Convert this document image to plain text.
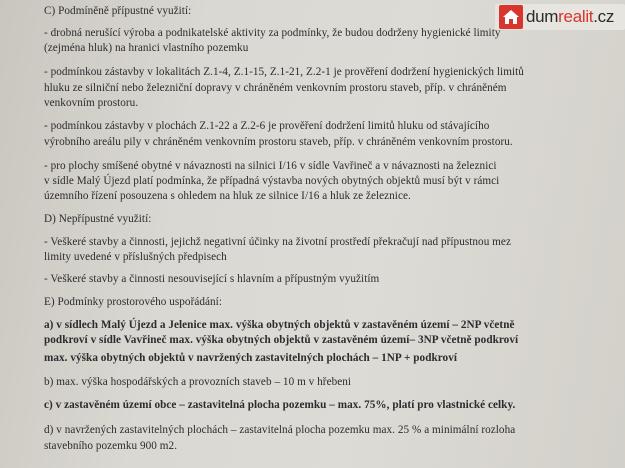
dumrealit.cz
C) Podmíněně přípustné využití:
- drobná nerušící výroba a podnikatelské aktivity za podmínky, že budou dodrženy hygienické limity
(zejména hluk) na hranici vlastního pozemku
- podmínkou zástavby v lokalitách Z.1-4, Z.1-15, Z.1-21, Z.2-1 je prověření dodržení hygienických limitů
hluku ze silniční nebo železniční dopravy v chráněném venkovním prostoru staveb, příp. v chráněném
venkovním prostoru.
- podmínkou zástavby v plochách Z.1-22 a Z.2-6 je prověření dodržení limitů hluku od stávajícího
výrobního areálu pily v chráněném venkovním prostoru staveb, příp. v chráněném venkovním prostoru.
- pro plochy smíšené obytné v návaznosti na silnici I/16 v sídle Vavřineč a v návaznosti na železnici
v sídle Malý Újezd platí podmínka, že případná výstavba nových obytných objektů musí být v rámci
územního řízení posouzena s ohledem na hluk ze silnice I/16 a hluk ze železnice.
D) Nepřípustné využití:
- Veškeré stavby a činnosti, jejichž negativní účinky na životní prostředí překračují nad přípustnou mez
limity uvedené v příslušných předpisech
- Veškeré stavby a činnosti nesouvisející s hlavním a přípustným využitím
E) Podmínky prostorového uspořádání:
a) v sídlech Malý Újezd a Jelenice max. výška obytných objektů v zastavěném území – 2NP včetně
podkroví v sídle Vavřineč max. výška obytných objektů v zastavěném území– 3NP včetně podkroví
max. výška obytných objektů v navržených zastavitelných plochách – 1NP + podkroví
b) max. výška hospodářských a provozních staveb – 10 m v hřebeni
c) v zastavěném území obce – zastavitelná plocha pozemku – max. 75%, platí pro vlastnické celky.
d) v navržených zastavitelných plochách – zastavitelná plocha pozemku max. 25 % a minimální rozloha
stavebního pozemku 900 m2.
